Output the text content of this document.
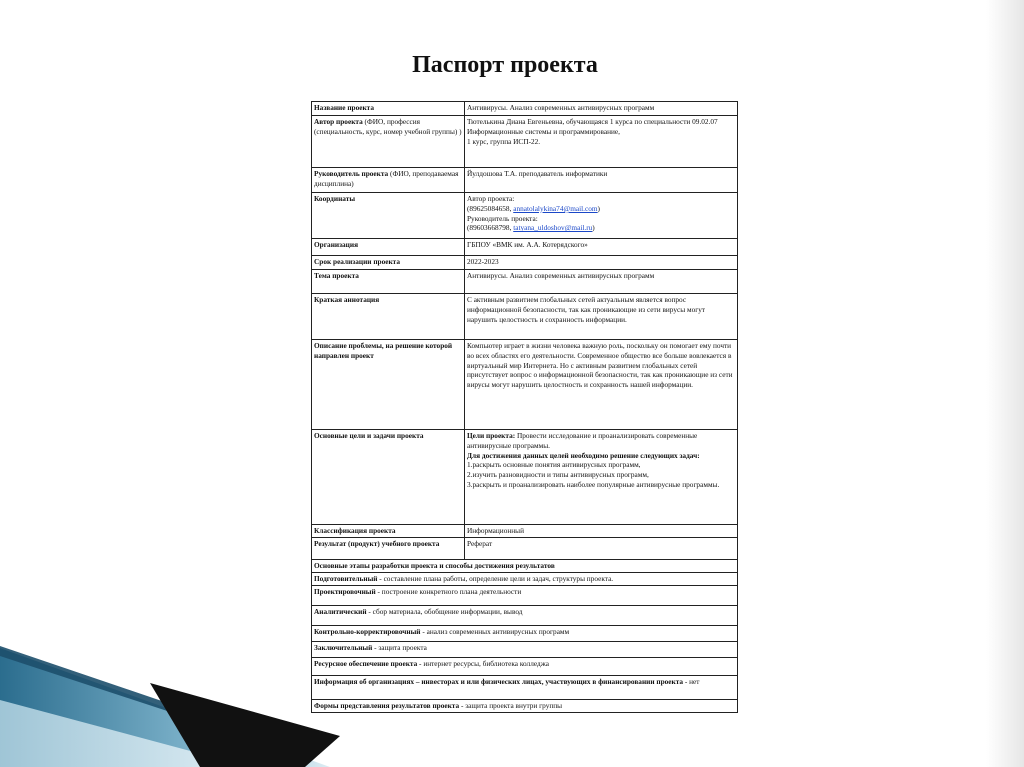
Паспорт проекта
Название проекта	Антивирусы. Анализ современных антивирусных программ
Автор проекта (ФИО, профессия (специальность, курс, номер учебной группы) )	Тютелькина Диана Евгеньевна, обучающаяся 1 курса по специальности 09.02.07 Информационные системы и программирование,
1 курс, группа ИСП-22.

Руководитель проекта (ФИО, преподаваемая дисциплина)	Йулдошова Т.А. преподаватель информатики
Координаты	Автор проекта:
(89625084658, annatolalykina74@mail.com)
Руководитель проекта:
(89603668798, tatyana_uldoshov@mail.ru)

Организация	ГБПОУ «ВМК им. А.А. Котерядского»
Срок реализации проекта	2022-2023
Тема проекта	Антивирусы. Анализ современных антивирусных программ
Краткая аннотация	С активным развитием глобальных сетей актуальным является вопрос информационной безопасности, так как проникающие из сети вирусы могут нарушить целостность и сохранность информации.
Описание проблемы, на решение которой направлен проект	Компьютер играет в жизни человека важную роль, поскольку он помогает ему почти во всех областях его деятельности. Современное общество все больше вовлекается в виртуальный мир Интернета. Но с активным развитием глобальных сетей присутствует вопрос о информационной безопасности, так как проникающие из сети вирусы могут нарушить целостность и сохранность нашей информации.
Основные цели и задачи проекта	Цели проекта: Провести исследование и проанализировать современные антивирусные программы.
Для достижения данных целей необходимо решение следующих задач:
1.раскрыть основные понятия антивирусных программ,
2.изучить разновидности и типы антивирусных программ,
3.раскрыть и проанализировать наиболее популярные антивирусные программы.

Классификация проекта	Информационный
Результат (продукт) учебного проекта	Реферат
Основные этапы разработки проекта и способы достижения результатов	
Подготовительный - составление плана работы, определение цели и задач, структуры проекта.	
Проектировочный - построение конкретного плана деятельности	
Аналитический - сбор материала, обобщение информации, вывод	
Контрольно-корректировочный - анализ современных антивирусных программ	
Заключительный - защита проекта	
Ресурсное обеспечение проекта - интернет ресурсы, библиотека колледжа	
Информация об организациях – инвесторах и или физических лицах, участвующих в финансировании проекта - нет	
Формы представления результатов проекта - защита проекта внутри группы	
